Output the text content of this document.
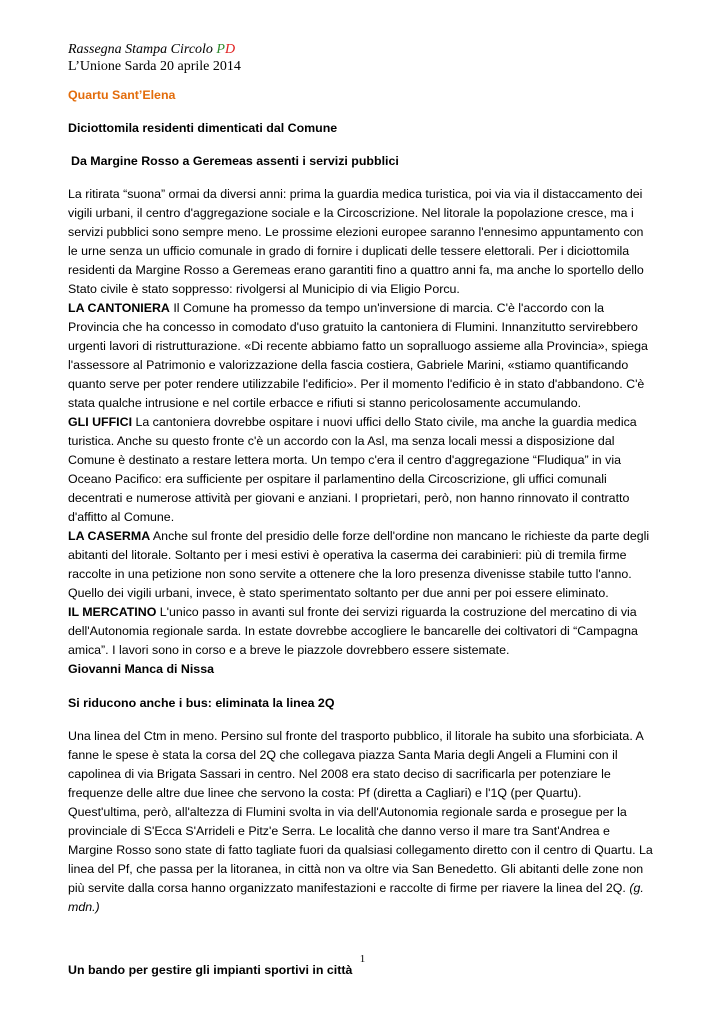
Rassegna Stampa Circolo PD
L’Unione Sarda 20 aprile 2014
Quartu Sant’Elena
Diciottomila residenti dimenticati dal Comune
Da Margine Rosso a Geremeas assenti i servizi pubblici

La ritirata “suona” ormai da diversi anni: prima la guardia medica turistica, poi via via il distaccamento dei vigili urbani, il centro d'aggregazione sociale e la Circoscrizione. Nel litorale la popolazione cresce, ma i servizi pubblici sono sempre meno. Le prossime elezioni europee saranno l'ennesimo appuntamento con le urne senza un ufficio comunale in grado di fornire i duplicati delle tessere elettorali. Per i diciottomila residenti da Margine Rosso a Geremeas erano garantiti fino a quattro anni fa, ma anche lo sportello dello Stato civile è stato soppresso: rivolgersi al Municipio di via Eligio Porcu.

LA CANTONIERA Il Comune ha promesso da tempo un'inversione di marcia. C'è l'accordo con la Provincia che ha concesso in comodato d'uso gratuito la cantoniera di Flumini. Innanzitutto servirebbero urgenti lavori di ristrutturazione. «Di recente abbiamo fatto un sopralluogo assieme alla Provincia», spiega l'assessore al Patrimonio e valorizzazione della fascia costiera, Gabriele Marini, «stiamo quantificando quanto serve per poter rendere utilizzabile l'edificio». Per il momento l'edificio è in stato d'abbandono. C'è stata qualche intrusione e nel cortile erbacce e rifiuti si stanno pericolosamente accumulando.

GLI UFFICI La cantoniera dovrebbe ospitare i nuovi uffici dello Stato civile, ma anche la guardia medica turistica. Anche su questo fronte c'è un accordo con la Asl, ma senza locali messi a disposizione dal Comune è destinato a restare lettera morta. Un tempo c'era il centro d'aggregazione “Fludiqua” in via Oceano Pacifico: era sufficiente per ospitare il parlamentino della Circoscrizione, gli uffici comunali decentrati e numerose attività per giovani e anziani. I proprietari, però, non hanno rinnovato il contratto d'affitto al Comune.

LA CASERMA Anche sul fronte del presidio delle forze dell'ordine non mancano le richieste da parte degli abitanti del litorale. Soltanto per i mesi estivi è operativa la caserma dei carabinieri: più di tremila firme raccolte in una petizione non sono servite a ottenere che la loro presenza divenisse stabile tutto l'anno. Quello dei vigili urbani, invece, è stato sperimentato soltanto per due anni per poi essere eliminato.

IL MERCATINO L'unico passo in avanti sul fronte dei servizi riguarda la costruzione del mercatino di via dell'Autonomia regionale sarda. In estate dovrebbe accogliere le bancarelle dei coltivatori di “Campagna amica”. I lavori sono in corso e a breve le piazzole dovrebbero essere sistemate.

Giovanni Manca di Nissa

Si riducono anche i bus: eliminata la linea 2Q

Una linea del Ctm in meno. Persino sul fronte del trasporto pubblico, il litorale ha subito una sforbiciata. A fanne le spese è stata la corsa del 2Q che collegava piazza Santa Maria degli Angeli a Flumini con il capolinea di via Brigata Sassari in centro. Nel 2008 era stato deciso di sacrificarla per potenziare le frequenze delle altre due linee che servono la costa: Pf (diretta a Cagliari) e l'1Q (per Quartu). Quest'ultima, però, all'altezza di Flumini svolta in via dell'Autonomia regionale sarda e prosegue per la provinciale di S'Ecca S'Arrideli e Pitz'e Serra. Le località che danno verso il mare tra Sant'Andrea e Margine Rosso sono state di fatto tagliate fuori da qualsiasi collegamento diretto con il centro di Quartu. La linea del Pf, che passa per la litoranea, in città non va oltre via San Benedetto. Gli abitanti delle zone non più servite dalla corsa hanno organizzato manifestazioni e raccolte di firme per riavere la linea del 2Q. (g. mdn.)

Un bando per gestire gli impianti sportivi in città
1
